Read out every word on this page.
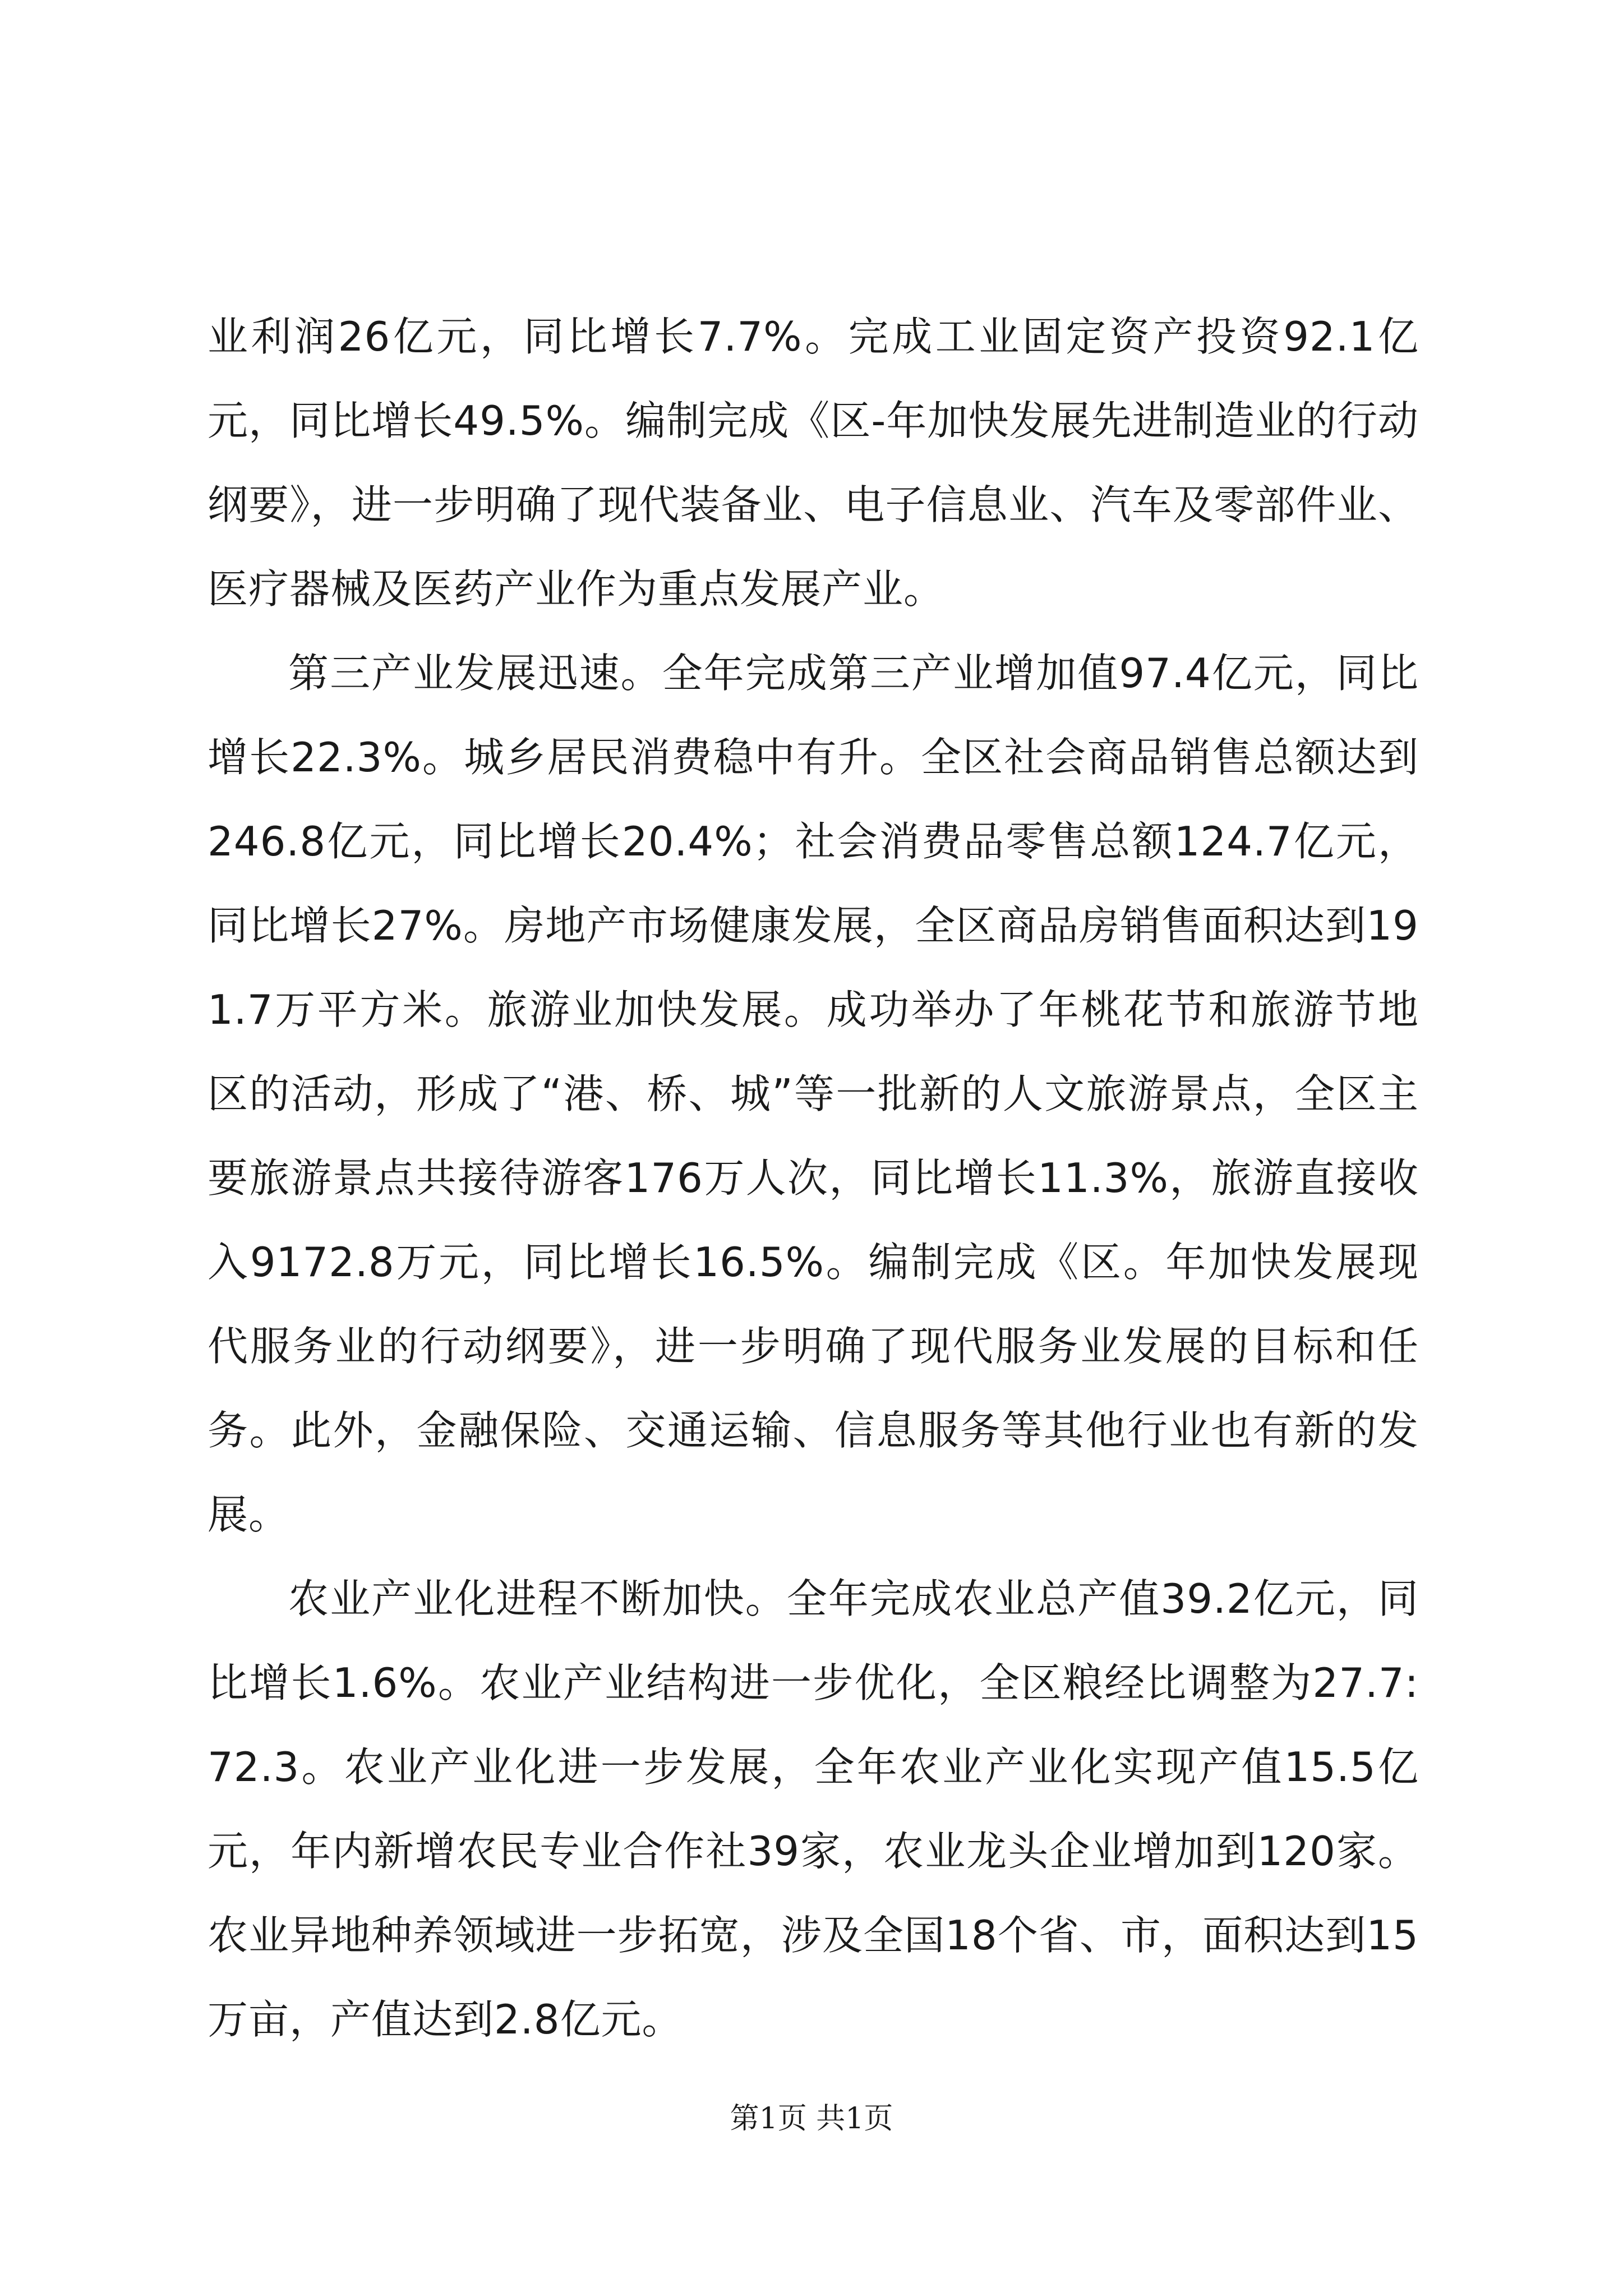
业利润26亿元，同比增长7.7%。完成工业固定资产投资92.1亿元，同比增长49.5%。编制完成《区-年加快发展先进制造业的行动纲要》，进一步明确了现代装备业、电子信息业、汽车及零部件业、医疗器械及医药产业作为重点发展产业。

第三产业发展迅速。全年完成第三产业增加值97.4亿元，同比增长22.3%。城乡居民消费稳中有升。全区社会商品销售总额达到246.8亿元，同比增长20.4%；社会消费品零售总额124.7亿元，同比增长27%。房地产市场健康发展，全区商品房销售面积达到191.7万平方米。旅游业加快发展。成功举办了年桃花节和旅游节地区的活动，形成了“港、桥、城”等一批新的人文旅游景点，全区主要旅游景点共接待游客176万人次，同比增长11.3%，旅游直接收入9172.8万元，同比增长16.5%。编制完成《区。年加快发展现代服务业的行动纲要》，进一步明确了现代服务业发展的目标和任务。此外，金融保险、交通运输、信息服务等其他行业也有新的发展。

农业产业化进程不断加快。全年完成农业总产值39.2亿元，同比增长1.6%。农业产业结构进一步优化，全区粮经比调整为27.7:72.3。农业产业化进一步发展，全年农业产业化实现产值15.5亿元，年内新增农民专业合作社39家，农业龙头企业增加到120家。农业异地种养领域进一步拓宽，涉及全国18个省、市，面积达到15万亩，产值达到2.8亿元。

第1页 共1页
